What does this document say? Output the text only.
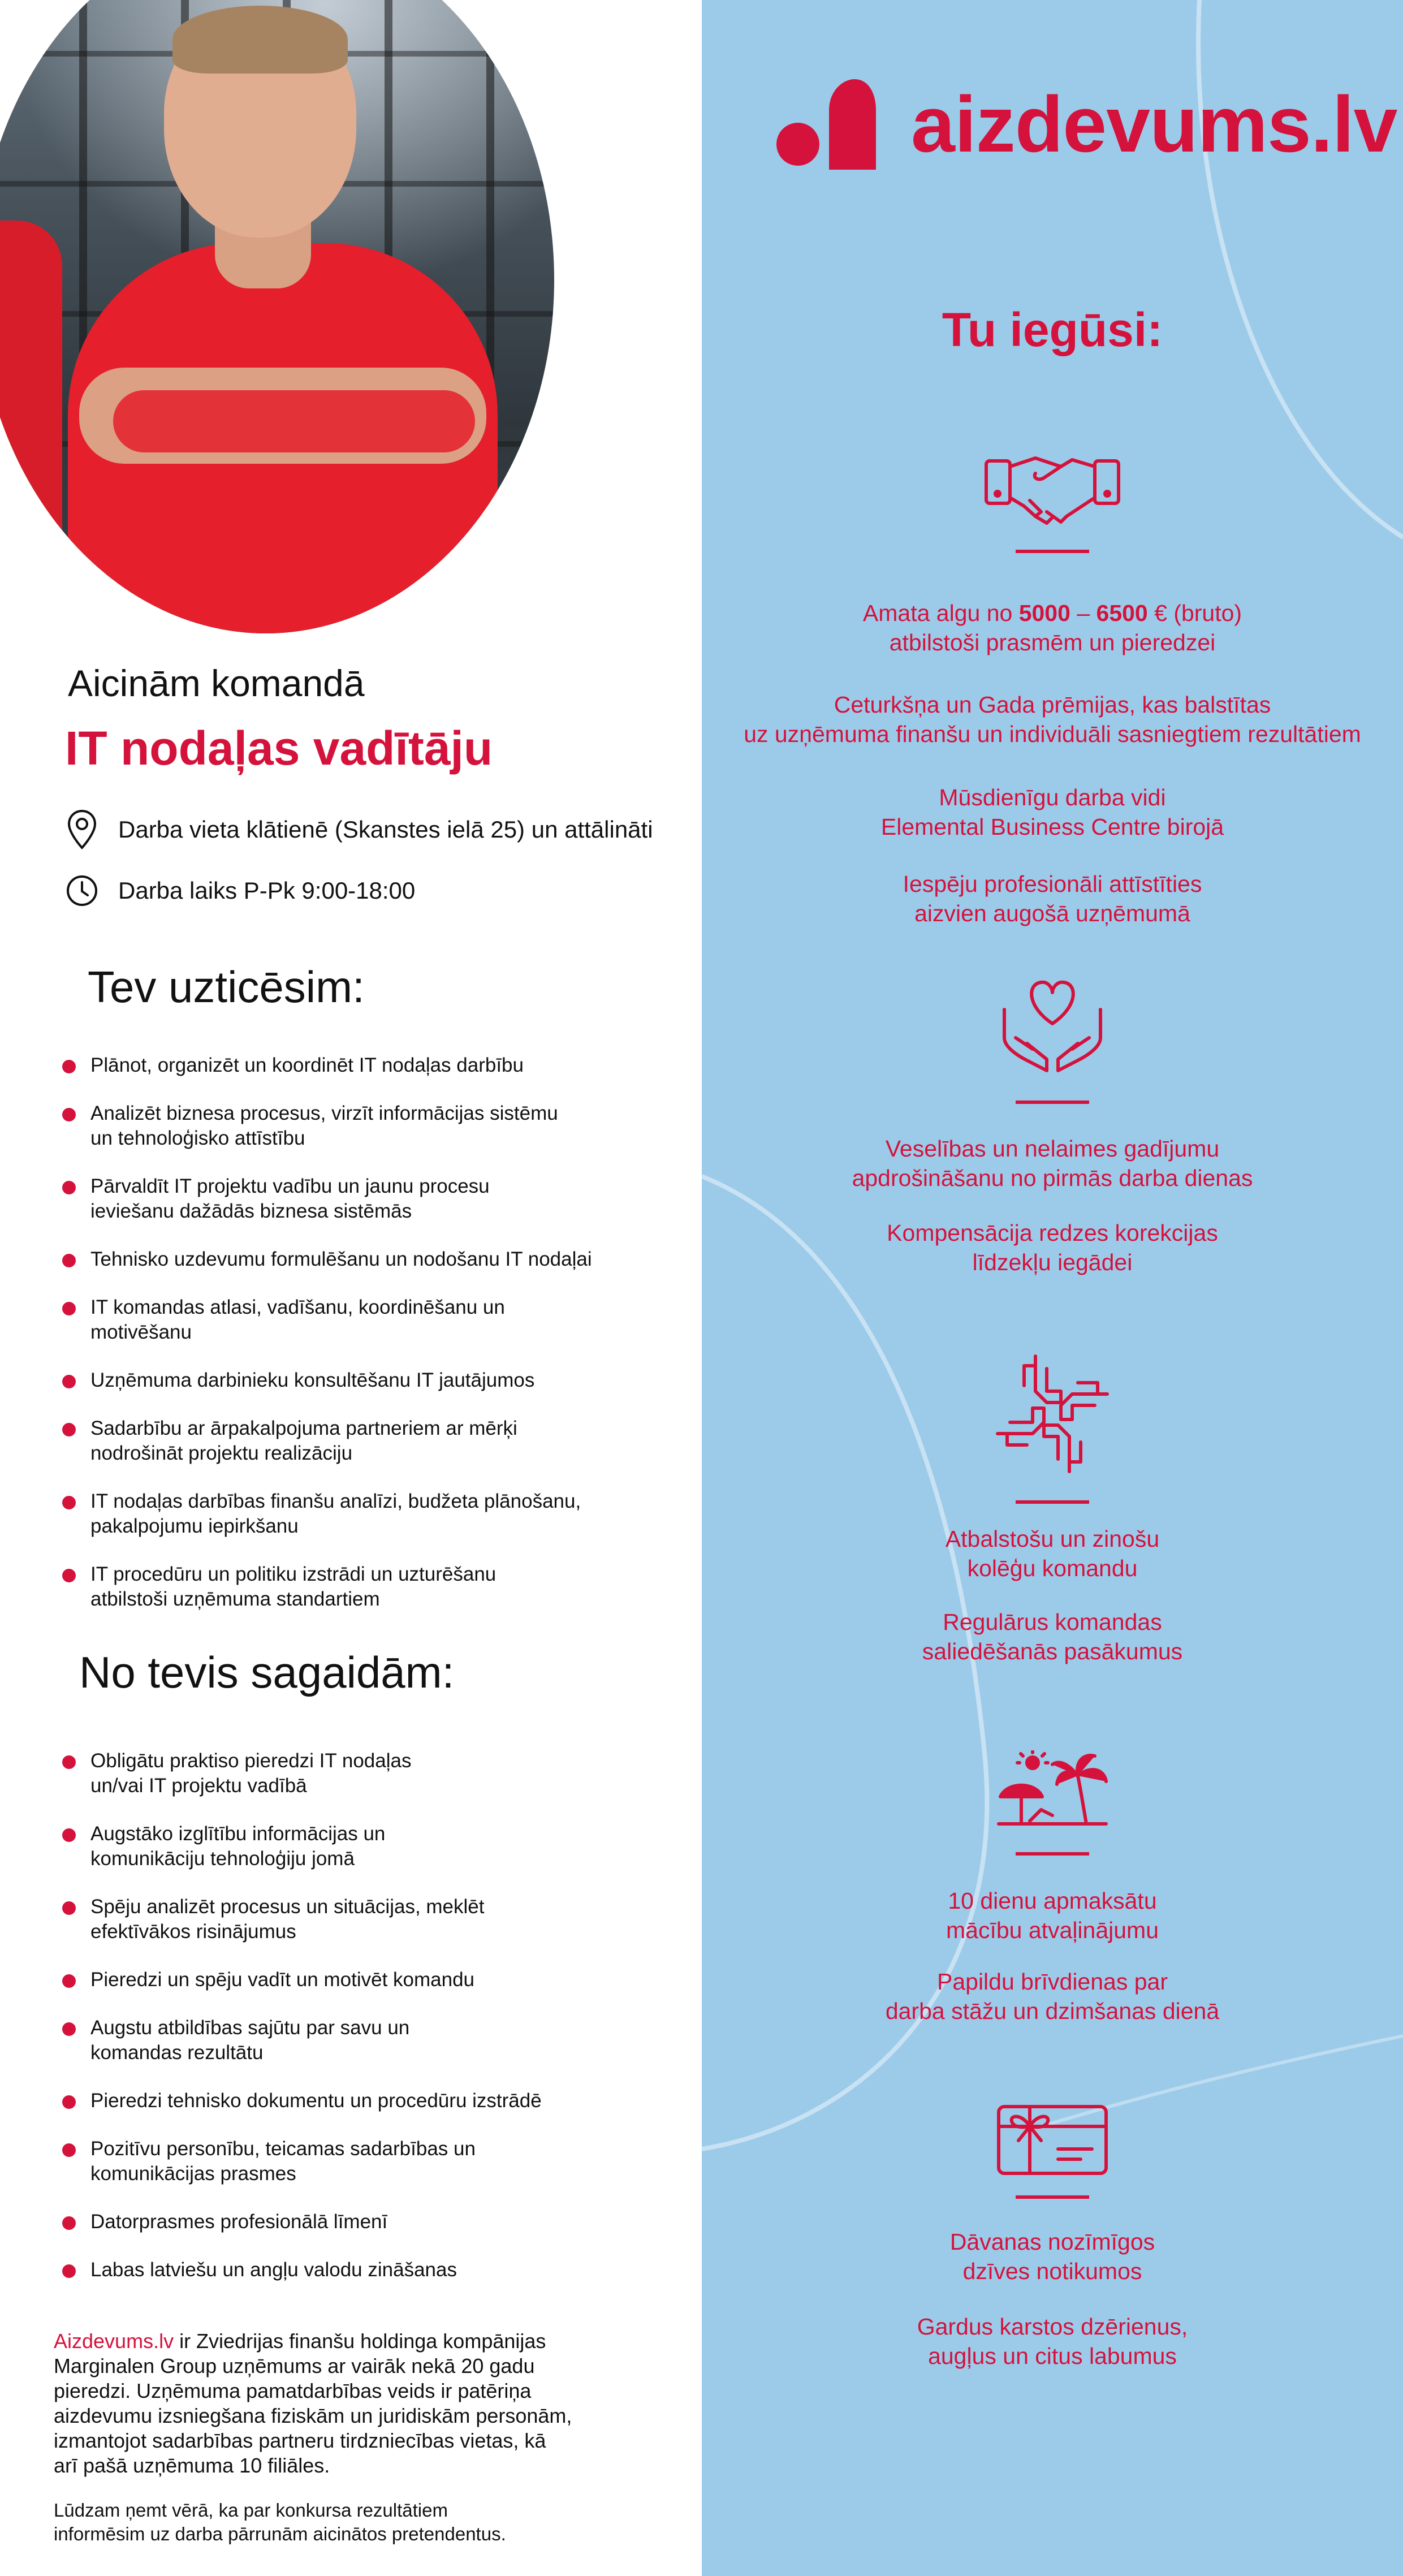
Aicinām komandā
IT nodaļas vadītāju
Darba vieta klātienē (Skanstes ielā 25) un attālināti
Darba laiks P-Pk 9:00-18:00
Tev uzticēsim:
Plānot, organizēt un koordinēt IT nodaļas darbību
Analizēt biznesa procesus, virzīt informācijas sistēmu
un tehnoloģisko attīstību
Pārvaldīt IT projektu vadību un jaunu procesu
ieviešanu dažādās biznesa sistēmās
Tehnisko uzdevumu formulēšanu un nodošanu IT nodaļai
IT komandas atlasi, vadīšanu, koordinēšanu un motivēšanu
Uzņēmuma darbinieku konsultēšanu IT jautājumos
Sadarbību ar ārpakalpojuma partneriem ar mērķi
nodrošināt projektu realizāciju
IT nodaļas darbības finanšu analīzi, budžeta plānošanu,
pakalpojumu iepirkšanu
IT procedūru un politiku izstrādi un uzturēšanu
atbilstoši uzņēmuma standartiem
No tevis sagaidām:
Obligātu praktiso pieredzi IT nodaļas
un/vai IT projektu vadībā
Augstāko izglītību informācijas un
komunikāciju tehnoloģiju jomā
Spēju analizēt procesus un situācijas, meklēt
efektīvākos risinājumus
Pieredzi un spēju vadīt un motivēt komandu
Augstu atbildības sajūtu par savu un
komandas rezultātu
Pieredzi tehnisko dokumentu un procedūru izstrādē
Pozitīvu personību, teicamas sadarbības un
komunikācijas prasmes
Datorprasmes profesionālā līmenī
Labas latviešu un angļu valodu zināšanas
Aizdevums.lv ir Zviedrijas finanšu holdinga kompānijas
Marginalen Group uzņēmums ar vairāk nekā 20 gadu
pieredzi. Uzņēmuma pamatdarbības veids ir patēriņa
aizdevumu izsniegšana fiziskām un juridiskām personām,
izmantojot sadarbības partneru tirdzniecības vietas, kā
arī pašā uzņēmuma 10 filiāles.
Lūdzam ņemt vērā, ka par konkursa rezultātiem
informēsim uz darba pārrunām aicinātos pretendentus.
aizdevums.lv
Tu iegūsi:
Amata algu no 5000 – 6500 € (bruto)
atbilstoši prasmēm un pieredzei
Ceturkšņa un Gada prēmijas, kas balstītas
uz uzņēmuma finanšu un individuāli sasniegtiem rezultātiem
Mūsdienīgu darba vidi
Elemental Business Centre birojā
Iespēju profesionāli attīstīties
aizvien augošā uzņēmumā
Veselības un nelaimes gadījumu
apdrošināšanu no pirmās darba dienas
Kompensācija redzes korekcijas
līdzekļu iegādei
Atbalstošu un zinošu
kolēģu komandu
Regulārus komandas
saliedēšanās pasākumus
10 dienu apmaksātu
mācību atvaļinājumu
Papildu brīvdienas par
darba stāžu un dzimšanas dienā
Dāvanas nozīmīgos
dzīves notikumos
Gardus karstos dzērienus,
augļus un citus labumus
